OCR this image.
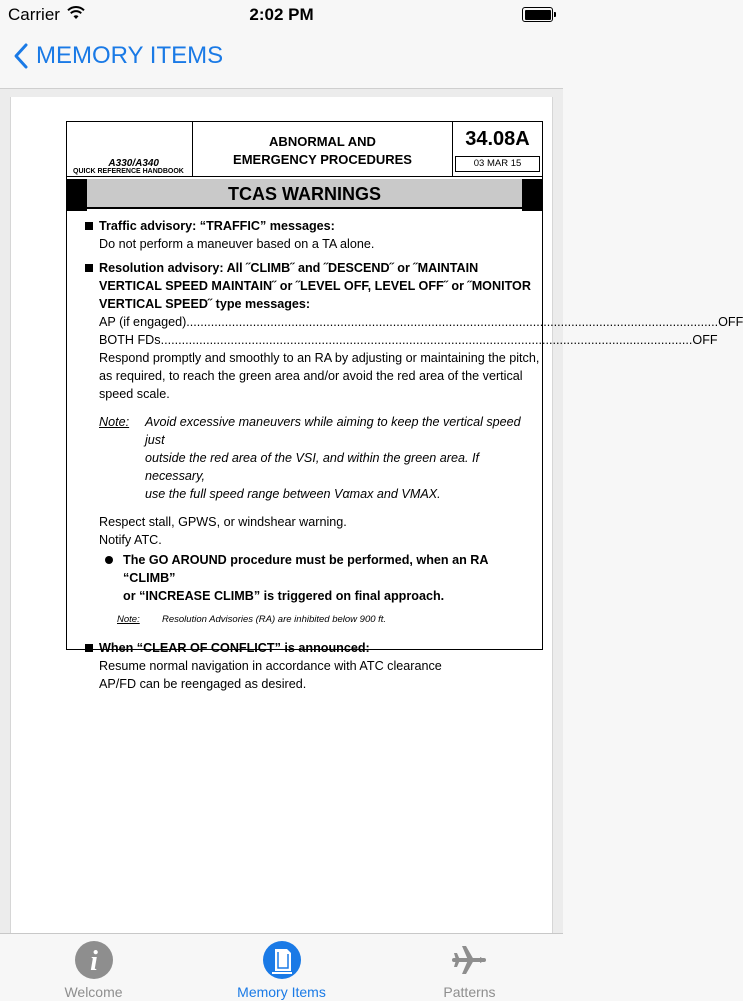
Carrier	2:02 PM
MEMORY ITEMS
A330/A340
QUICK REFERENCE HANDBOOK
ABNORMAL AND
EMERGENCY PROCEDURES
34.08A
03 MAR 15
TCAS WARNINGS
Traffic advisory: “TRAFFIC” messages:
Do not perform a maneuver based on a TA alone.
Resolution advisory: All ˝CLIMB˝ and ˝DESCEND˝ or ˝MAINTAIN
VERTICAL SPEED MAINTAIN˝ or ˝LEVEL OFF, LEVEL OFF˝ or ˝MONITOR
VERTICAL SPEED˝ type messages:
AP (if engaged) ........................................................................................................................................................ OFF
BOTH FDs ........................................................................................................................................................ OFF
Respond promptly and smoothly to an RA by adjusting or maintaining the pitch,
as required, to reach the green area and/or avoid the red area of the vertical
speed scale.
Note:	Avoid excessive maneuvers while aiming to keep the vertical speed just
outside the red area of the VSI, and within the green area. If necessary,
use the full speed range between Vαmax and VMAX.
Respect stall, GPWS, or windshear warning.
Notify ATC.
The GO AROUND procedure must be performed, when an RA “CLIMB”
or “INCREASE CLIMB” is triggered on final approach.
Note:	Resolution Advisories (RA) are inhibited below 900 ft.
When “CLEAR OF CONFLICT” is announced:
Resume normal navigation in accordance with ATC clearance
AP/FD can be reengaged as desired.
i
Welcome	Memory Items	Patterns
